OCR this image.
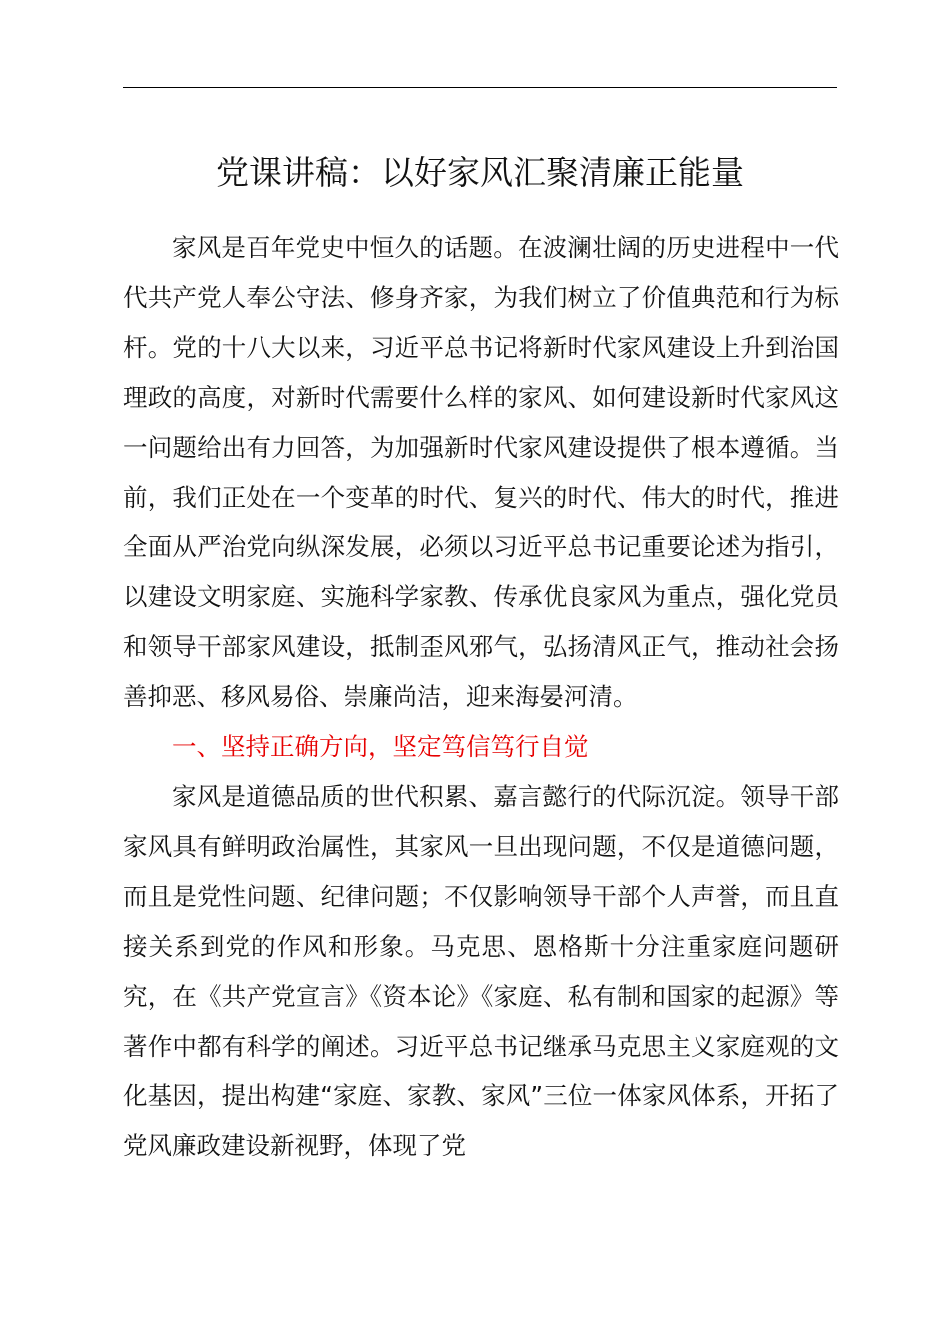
党课讲稿：以好家风汇聚清廉正能量

家风是百年党史中恒久的话题。在波澜壮阔的历史进程中一代代共产党人奉公守法、修身齐家，为我们树立了价值典范和行为标杆。党的十八大以来，习近平总书记将新时代家风建设上升到治国理政的高度，对新时代需要什么样的家风、如何建设新时代家风这一问题给出有力回答，为加强新时代家风建设提供了根本遵循。当前，我们正处在一个变革的时代、复兴的时代、伟大的时代，推进全面从严治党向纵深发展，必须以习近平总书记重要论述为指引，以建设文明家庭、实施科学家教、传承优良家风为重点，强化党员和领导干部家风建设，抵制歪风邪气，弘扬清风正气，推动社会扬善抑恶、移风易俗、崇廉尚洁，迎来海晏河清。

一、坚持正确方向，坚定笃信笃行自觉

家风是道德品质的世代积累、嘉言懿行的代际沉淀。领导干部家风具有鲜明政治属性，其家风一旦出现问题，不仅是道德问题，而且是党性问题、纪律问题；不仅影响领导干部个人声誉，而且直接关系到党的作风和形象。马克思、恩格斯十分注重家庭问题研究，在《共产党宣言》《资本论》《家庭、私有制和国家的起源》等著作中都有科学的阐述。习近平总书记继承马克思主义家庭观的文化基因，提出构建“家庭、家教、家风”三位一体家风体系，开拓了党风廉政建设新视野，体现了党
